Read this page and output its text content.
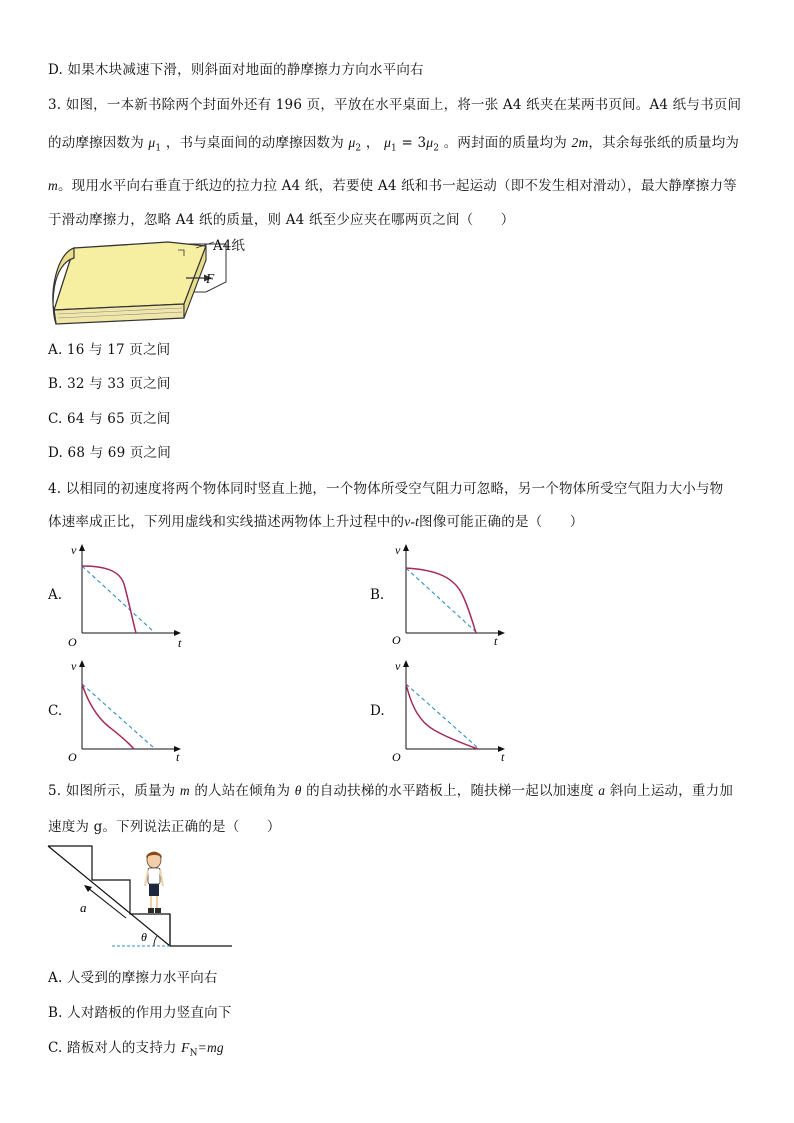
D. 如果木块减速下滑，则斜面对地面的静摩擦力方向水平向右
3. 如图，一本新书除两个封面外还有 196 页，平放在水平桌面上，将一张 A4 纸夹在某两书页间。A4 纸与书页间
的动摩擦因数为 $\mu_1$ ，书与桌面间的动摩擦因数为 $\mu_2$ ， $\mu_1 = 3\mu_2$ 。两封面的质量均为 2m，其余每张纸的质量均为
m。现用水平向右垂直于纸边的拉力拉 A4 纸，若要使 A4 纸和书一起运动（即不发生相对滑动），最大静摩擦力等
于滑动摩擦力，忽略 A4 纸的质量，则 A4 纸至少应夹在哪两页之间（　　）
A4纸
F
A. 16 与 17 页之间
B. 32 与 33 页之间
C. 64 与 65 页之间
D. 68 与 69 页之间
4. 以相同的初速度将两个物体同时竖直上抛，一个物体所受空气阻力可忽略，另一个物体所受空气阻力大小与物
体速率成正比，下列用虚线和实线描述两物体上升过程中的v-t图像可能正确的是（　　）
A.
v
t
O
B.
v
t
O
C.
v
t
O
D.
v
t
O
5. 如图所示，质量为 m 的人站在倾角为 θ 的自动扶梯的水平踏板上，随扶梯一起以加速度 a 斜向上运动，重力加
速度为 g。下列说法正确的是（　　）
a
θ
A. 人受到的摩擦力水平向右
B. 人对踏板的作用力竖直向下
C. 踏板对人的支持力 $F_N=mg$
